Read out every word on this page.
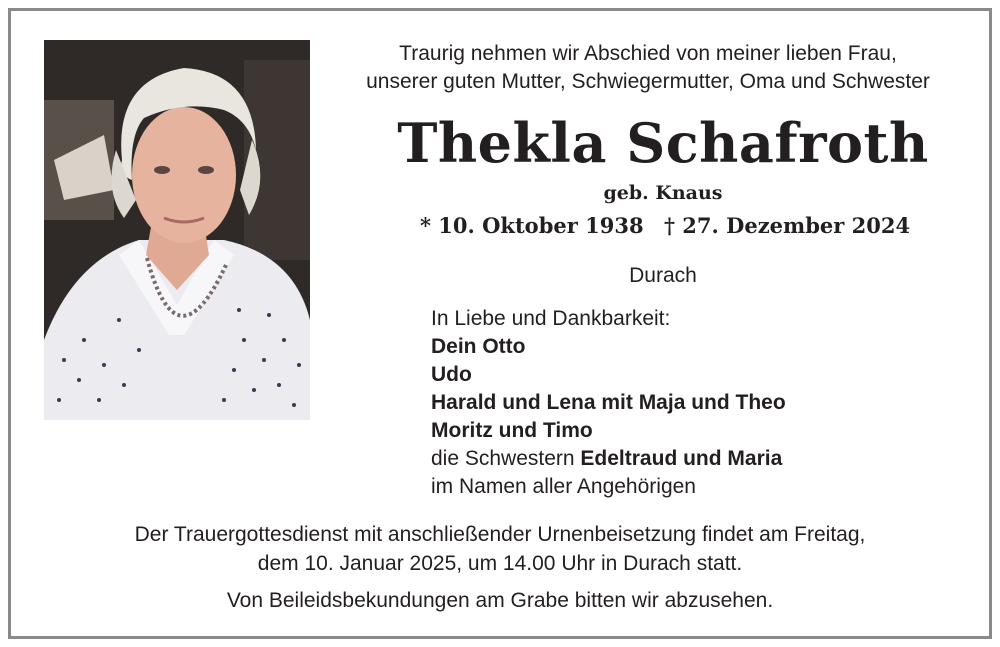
Traurig nehmen wir Abschied von meiner lieben Frau,
unserer guten Mutter, Schwiegermutter, Oma und Schwester
Thekla Schafroth
geb. Knaus
* 10. Oktober 1938 † 27. Dezember 2024
Durach
In Liebe und Dankbarkeit:
Dein Otto
Udo
Harald und Lena mit Maja und Theo
Moritz und Timo
die Schwestern Edeltraud und Maria
im Namen aller Angehörigen

Der Trauergottesdienst mit anschließender Urnenbeisetzung findet am Freitag,

dem 10. Januar 2025, um 14.00 Uhr in Durach statt.

Von Beileidsbekundungen am Grabe bitten wir abzusehen.
